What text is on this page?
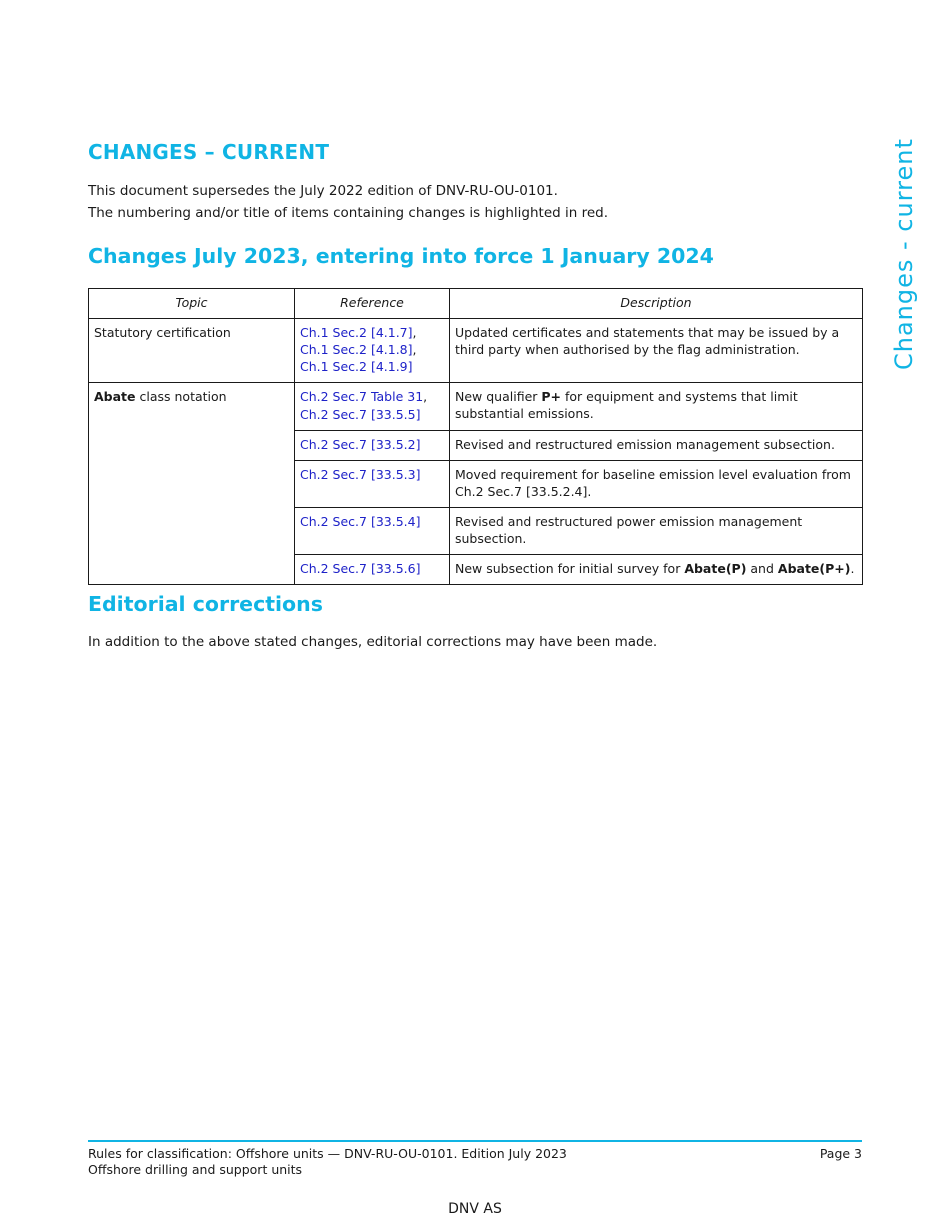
CHANGES – CURRENT
This document supersedes the July 2022 edition of DNV-RU-OU-0101.
The numbering and/or title of items containing changes is highlighted in red.
Changes July 2023, entering into force 1 January 2024	Changes - current
Topic	Reference	Description
Statutory certification	Ch.1 Sec.2 [4.1.7],
Ch.1 Sec.2 [4.1.8],
Ch.1 Sec.2 [4.1.9]	Updated certificates and statements that may be issued by a third party when authorised by the flag administration.
Abate class notation	Ch.2 Sec.7 Table 31,
Ch.2 Sec.7 [33.5.5]	New qualifier P+ for equipment and systems that limit substantial emissions.
	Ch.2 Sec.7 [33.5.2]	Revised and restructured emission management subsection.
	Ch.2 Sec.7 [33.5.3]	Moved requirement for baseline emission level evaluation from Ch.2 Sec.7 [33.5.2.4].
	Ch.2 Sec.7 [33.5.4]	Revised and restructured power emission management subsection.
	Ch.2 Sec.7 [33.5.6]	New subsection for initial survey for Abate(P) and Abate(P+).
Editorial corrections
In addition to the above stated changes, editorial corrections may have been made.
Rules for classification: Offshore units — DNV-RU-OU-0101. Edition July 2023
Offshore drilling and support units
Page 3
DNV AS
